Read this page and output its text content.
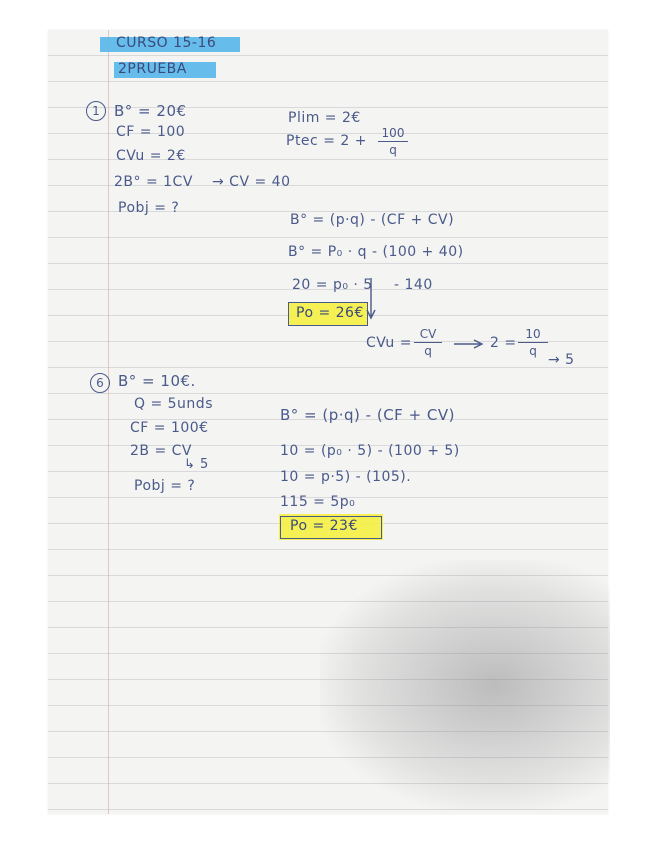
CURSO 15-16
2PRUEBA
1 B° = 20€
CF = 100
CVu = 2€
2B° = 1CV → CV = 40
Pobj = ?
Plim = 2€
Ptec = 2 + 100
q
B° = (p·q) - (CF + CV)
B° = P₀ · q - (100 + 40)
20 = p₀ · 5 - 140
Po = 26€
CVu =
CV
q	2 =
10
q
→ 5
6 B° = 10€.
Q = 5unds
CF = 100€
2B = CV
↳ 5
Pobj = ?
B° = (p·q) - (CF + CV)
10 = (p₀ · 5) - (100 + 5)
10 = p·5) - (105).
115 = 5p₀
Po = 23€
